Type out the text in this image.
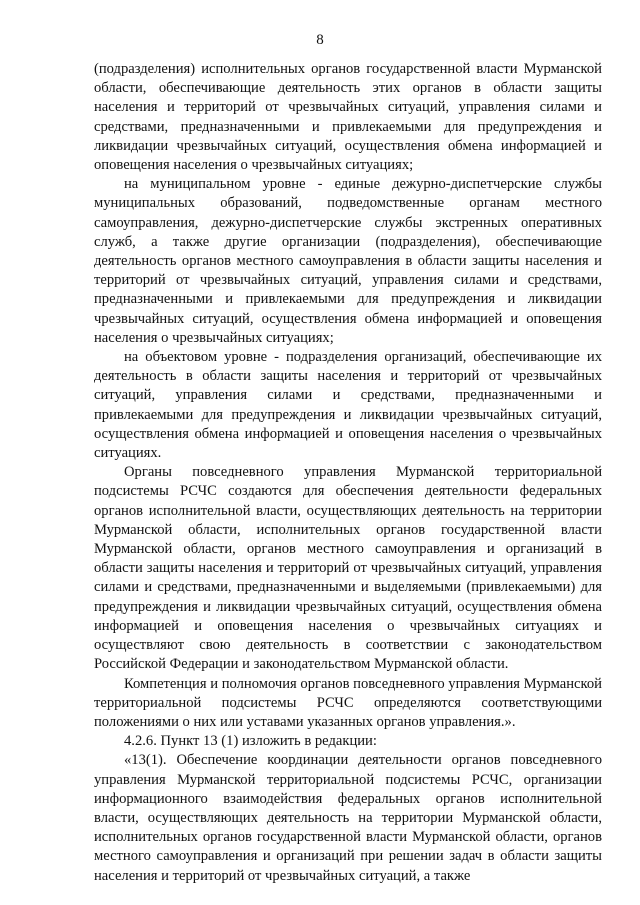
8

(подразделения) исполнительных органов государственной власти Мурманской области, обеспечивающие деятельность этих органов в области защиты населения и территорий от чрезвычайных ситуаций, управления силами и средствами, предназначенными и привлекаемыми для предупреждения и ликвидации чрезвычайных ситуаций, осуществления обмена информацией и оповещения населения о чрезвычайных ситуациях;

на муниципальном уровне - единые дежурно-диспетчерские службы муниципальных образований, подведомственные органам местного самоуправления, дежурно-диспетчерские службы экстренных оперативных служб, а также другие организации (подразделения), обеспечивающие деятельность органов местного самоуправления в области защиты населения и территорий от чрезвычайных ситуаций, управления силами и средствами, предназначенными и привлекаемыми для предупреждения и ликвидации чрезвычайных ситуаций, осуществления обмена информацией и оповещения населения о чрезвычайных ситуациях;

на объектовом уровне - подразделения организаций, обеспечивающие их деятельность в области защиты населения и территорий от чрезвычайных ситуаций, управления силами и средствами, предназначенными и привлекаемыми для предупреждения и ликвидации чрезвычайных ситуаций, осуществления обмена информацией и оповещения населения о чрезвычайных ситуациях.

Органы повседневного управления Мурманской территориальной подсистемы РСЧС создаются для обеспечения деятельности федеральных органов исполнительной власти, осуществляющих деятельность на территории Мурманской области, исполнительных органов государственной власти Мурманской области, органов местного самоуправления и организаций в области защиты населения и территорий от чрезвычайных ситуаций, управления силами и средствами, предназначенными и выделяемыми (привлекаемыми) для предупреждения и ликвидации чрезвычайных ситуаций, осуществления обмена информацией и оповещения населения о чрезвычайных ситуациях и осуществляют свою деятельность в соответствии с законодательством Российской Федерации и законодательством Мурманской области.

Компетенция и полномочия органов повседневного управления Мурманской территориальной подсистемы РСЧС определяются соответствующими положениями о них или уставами указанных органов управления.».

4.2.6. Пункт 13 (1) изложить в редакции:

«13(1). Обеспечение координации деятельности органов повседневного управления Мурманской территориальной подсистемы РСЧС, организации информационного взаимодействия федеральных органов исполнительной власти, осуществляющих деятельность на территории Мурманской области, исполнительных органов государственной власти Мурманской области, органов местного самоуправления и организаций при решении задач в области защиты населения и территорий от чрезвычайных ситуаций, а также
